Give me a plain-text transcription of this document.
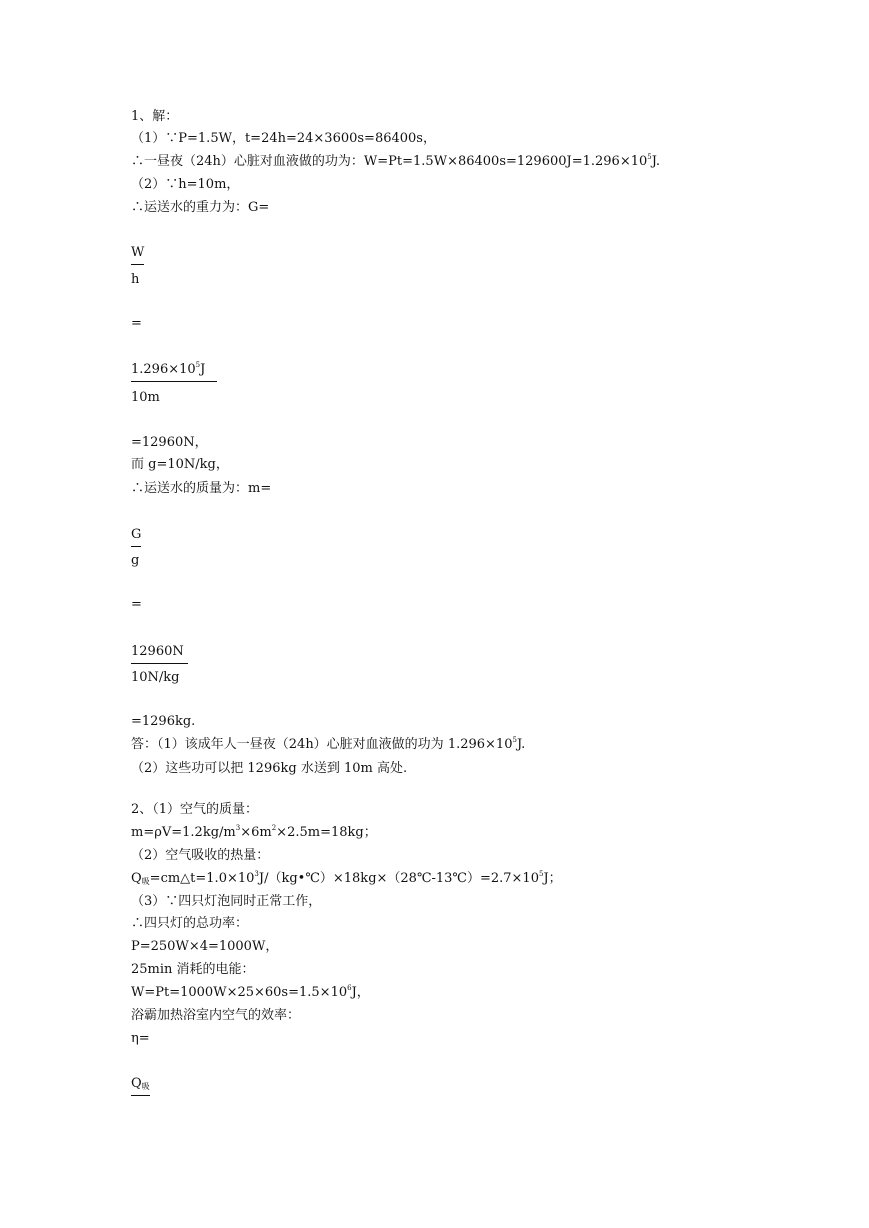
1、解：
（1）∵P=1.5W，t=24h=24×3600s=86400s，
∴一昼夜（24h）心脏对血液做的功为：$W=Pt=1.5W\times 86400s=129600J=1.296\times 10^5J$.
（2）∵h=10m，
∴运送水的重力为：G=
W
h
=
$1.296\times 10^5J$
10m
=12960N，
而 g=10N/kg，
∴运送水的质量为：m=
G
g
=
12960N
10N/kg
=1296kg.
答：（1）该成年人一昼夜（24h）心脏对血液做的功为 $1.296\times 10^5J$.
（2）这些功可以把 1296kg 水送到 10m 高处.
2、（1）空气的质量：
$m=\rho V=1.2kg/m^3\times 6m^2\times 2.5m=18kg$；
（2）空气吸收的热量：
$Q_吸=cm\triangle t=1.0\times 10^3J/(kg•℃)\times 18kg\times(28℃-13℃)=2.7\times 10^5J$；
（3）∵四只灯泡同时正常工作，
∴四只灯的总功率：
P=250W×4=1000W，
25min 消耗的电能：
$W=Pt=1000W\times 25\times 60s=1.5\times 10^6J$，
浴霸加热浴室内空气的效率：
η=
$Q_吸$
